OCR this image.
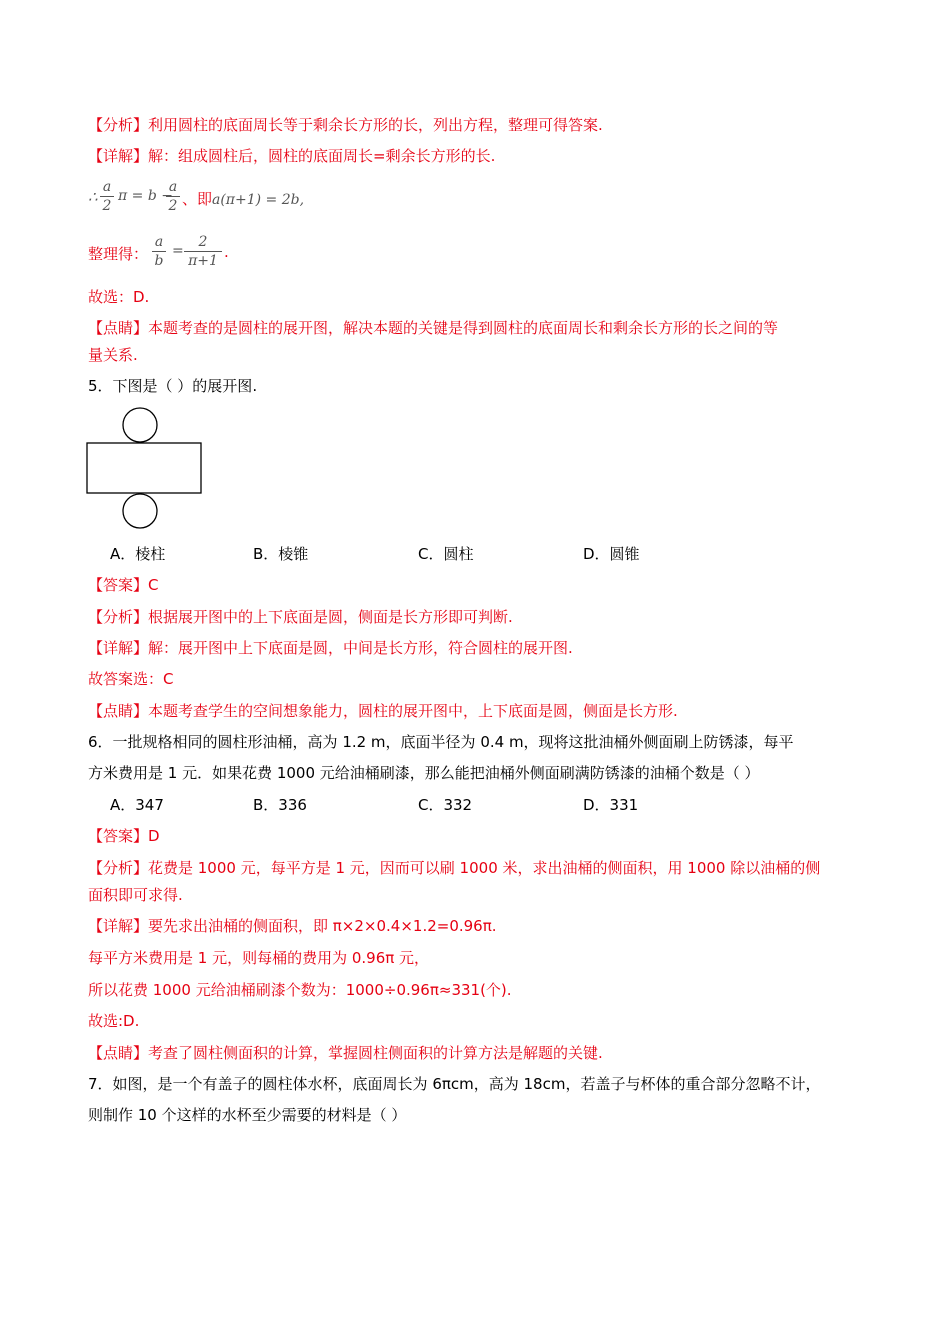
【分析】利用圆柱的底面周长等于剩余长方形的长，列出方程，整理可得答案.
【详解】解：组成圆柱后，圆柱的底面周长=剩余长方形的长.
∴
a
2
π = b −
a
2 、即 a(π+1) = 2b,
整理得：
a
b
=
2
π+1 .
故选：D.
【点睛】本题考查的是圆柱的展开图，解决本题的关键是得到圆柱的底面周长和剩余长方形的长之间的等
量关系.
5．下图是（ ）的展开图.
A．棱柱	B．棱锥	C．圆柱	D．圆锥
【答案】C
【分析】根据展开图中的上下底面是圆，侧面是长方形即可判断.
【详解】解：展开图中上下底面是圆，中间是长方形，符合圆柱的展开图.
故答案选：C
【点睛】本题考查学生的空间想象能力，圆柱的展开图中，上下底面是圆，侧面是长方形.
6．一批规格相同的圆柱形油桶，高为 1.2 m，底面半径为 0.4 m，现将这批油桶外侧面刷上防锈漆，每平
方米费用是 1 元．如果花费 1000 元给油桶刷漆，那么能把油桶外侧面刷满防锈漆的油桶个数是（ ）
A．347	B．336	C．332	D．331
【答案】D
【分析】花费是 1000 元，每平方是 1 元，因而可以刷 1000 米，求出油桶的侧面积，用 1000 除以油桶的侧
面积即可求得.
【详解】要先求出油桶的侧面积，即 π×2×0.4×1.2=0.96π.
每平方米费用是 1 元，则每桶的费用为 0.96π 元，
所以花费 1000 元给油桶刷漆个数为：1000÷0.96π≈331(个).
故选:D.
【点睛】考查了圆柱侧面积的计算，掌握圆柱侧面积的计算方法是解题的关键.
7．如图，是一个有盖子的圆柱体水杯，底面周长为 6πcm，高为 18cm，若盖子与杯体的重合部分忽略不计，
则制作 10 个这样的水杯至少需要的材料是（ ）
